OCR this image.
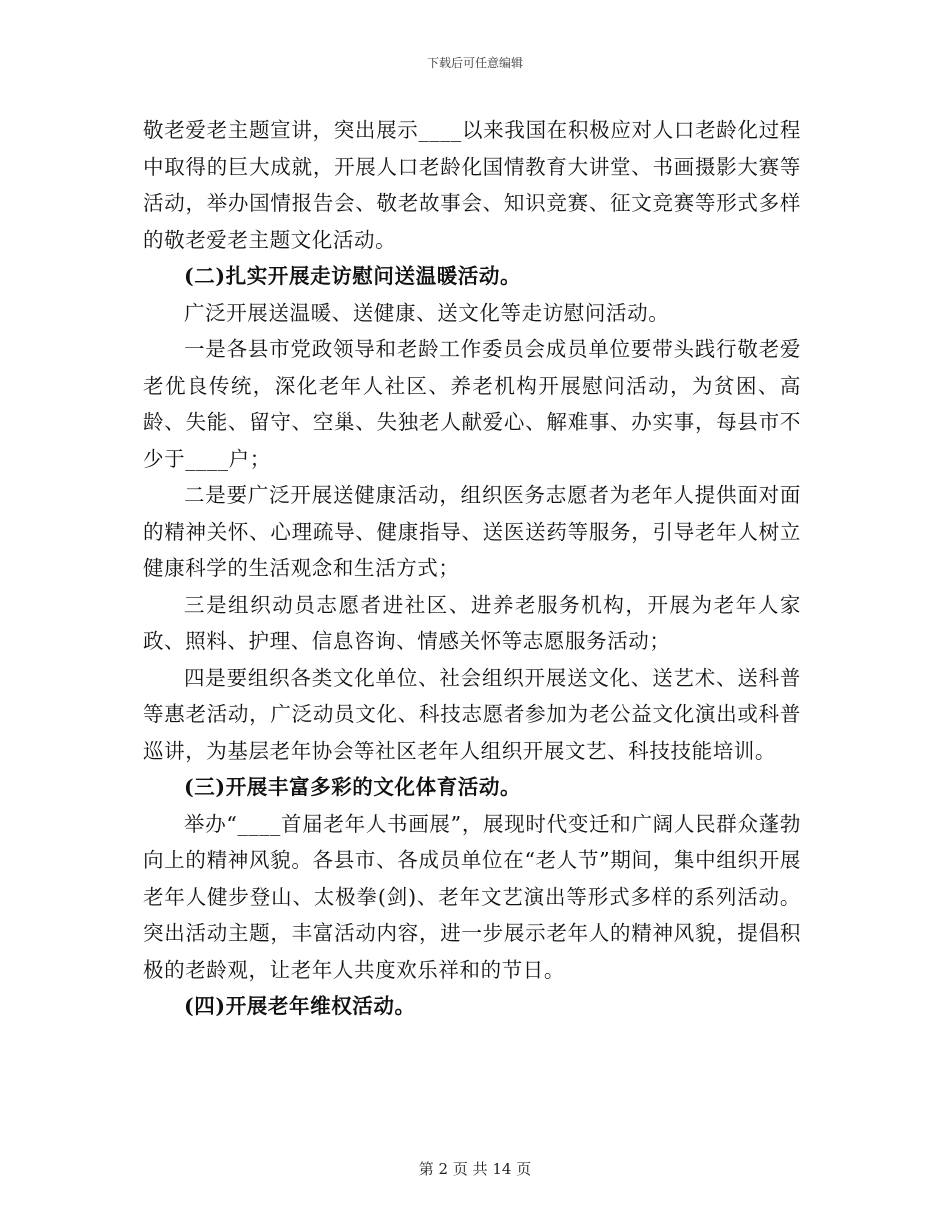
下载后可任意编辑

敬老爱老主题宣讲，突出展示____以来我国在积极应对人口老龄化过程中取得的巨大成就，开展人口老龄化国情教育大讲堂、书画摄影大赛等活动，举办国情报告会、敬老故事会、知识竞赛、征文竞赛等形式多样的敬老爱老主题文化活动。

(二)扎实开展走访慰问送温暖活动。

广泛开展送温暖、送健康、送文化等走访慰问活动。

一是各县市党政领导和老龄工作委员会成员单位要带头践行敬老爱老优良传统，深化老年人社区、养老机构开展慰问活动，为贫困、高龄、失能、留守、空巢、失独老人献爱心、解难事、办实事，每县市不少于____户；

二是要广泛开展送健康活动，组织医务志愿者为老年人提供面对面的精神关怀、心理疏导、健康指导、送医送药等服务，引导老年人树立健康科学的生活观念和生活方式；

三是组织动员志愿者进社区、进养老服务机构，开展为老年人家政、照料、护理、信息咨询、情感关怀等志愿服务活动；

四是要组织各类文化单位、社会组织开展送文化、送艺术、送科普等惠老活动，广泛动员文化、科技志愿者参加为老公益文化演出或科普巡讲，为基层老年协会等社区老年人组织开展文艺、科技技能培训。

(三)开展丰富多彩的文化体育活动。

举办“____首届老年人书画展”，展现时代变迁和广阔人民群众蓬勃向上的精神风貌。各县市、各成员单位在“老人节”期间，集中组织开展老年人健步登山、太极拳(剑)、老年文艺演出等形式多样的系列活动。突出活动主题，丰富活动内容，进一步展示老年人的精神风貌，提倡积极的老龄观，让老年人共度欢乐祥和的节日。

(四)开展老年维权活动。

第 2 页 共 14 页
